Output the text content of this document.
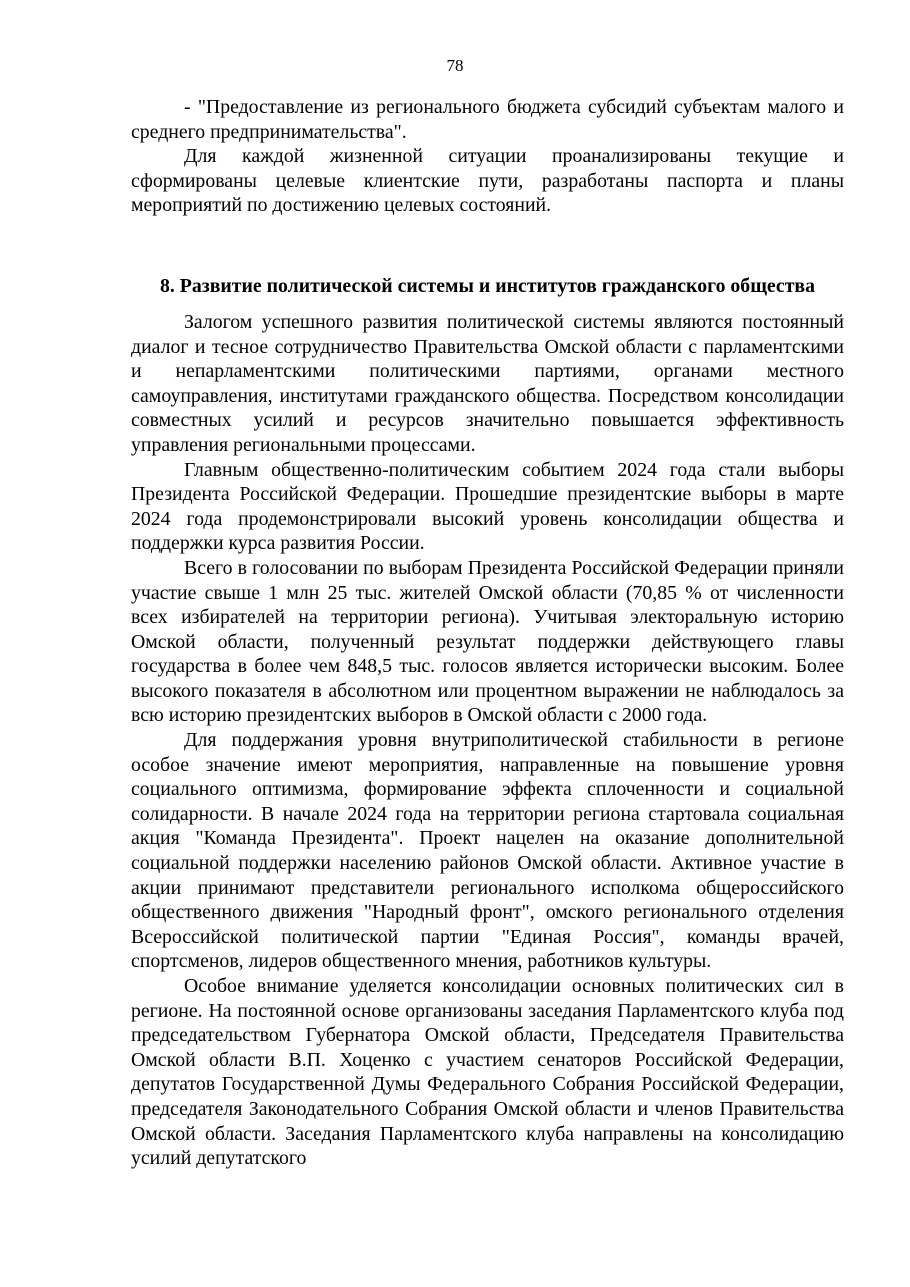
78

- "Предоставление из регионального бюджета субсидий субъектам малого и среднего предпринимательства".

Для каждой жизненной ситуации проанализированы текущие и сформированы целевые клиентские пути, разработаны паспорта и планы мероприятий по достижению целевых состояний.

8. Развитие политической системы и институтов гражданского общества

Залогом успешного развития политической системы являются постоянный диалог и тесное сотрудничество Правительства Омской области с парламентскими и непарламентскими политическими партиями, органами местного самоуправления, институтами гражданского общества. Посредством консолидации совместных усилий и ресурсов значительно повышается эффективность управления региональными процессами.

Главным общественно-политическим событием 2024 года стали выборы Президента Российской Федерации. Прошедшие президентские выборы в марте 2024 года продемонстрировали высокий уровень консолидации общества и поддержки курса развития России.

Всего в голосовании по выборам Президента Российской Федерации приняли участие свыше 1 млн 25 тыс. жителей Омской области (70,85 % от численности всех избирателей на территории региона). Учитывая электоральную историю Омской области, полученный результат поддержки действующего главы государства в более чем 848,5 тыс. голосов является исторически высоким. Более высокого показателя в абсолютном или процентном выражении не наблюдалось за всю историю президентских выборов в Омской области с 2000 года.

Для поддержания уровня внутриполитической стабильности в регионе особое значение имеют мероприятия, направленные на повышение уровня социального оптимизма, формирование эффекта сплоченности и социальной солидарности. В начале 2024 года на территории региона стартовала социальная акция "Команда Президента". Проект нацелен на оказание дополнительной социальной поддержки населению районов Омской области. Активное участие в акции принимают представители регионального исполкома общероссийского общественного движения "Народный фронт", омского регионального отделения Всероссийской политической партии "Единая Россия", команды врачей, спортсменов, лидеров общественного мнения, работников культуры.

Особое внимание уделяется консолидации основных политических сил в регионе. На постоянной основе организованы заседания Парламентского клуба под председательством Губернатора Омской области, Председателя Правительства Омской области В.П. Хоценко с участием сенаторов Российской Федерации, депутатов Государственной Думы Федерального Собрания Российской Федерации, председателя Законодательного Собрания Омской области и членов Правительства Омской области. Заседания Парламентского клуба направлены на консолидацию усилий депутатского
